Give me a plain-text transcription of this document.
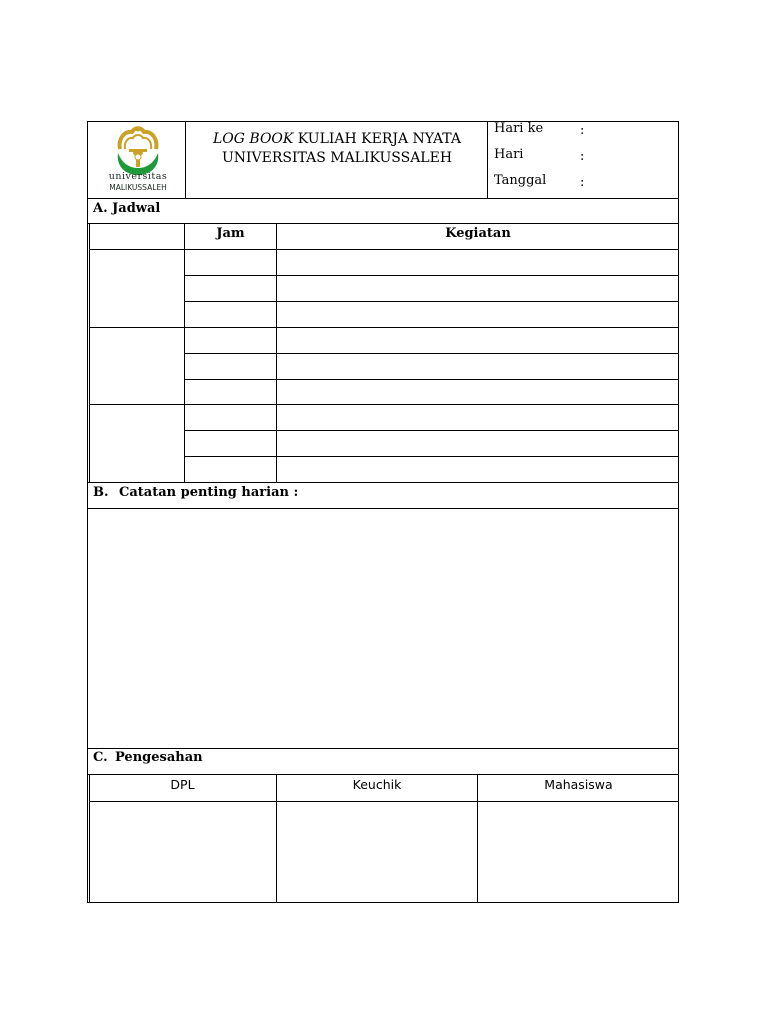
universitas
MALIKUSSALEH
LOG BOOK KULIAH KERJA NYATA
UNIVERSITAS MALIKUSSALEH
Hari ke	:
Hari	:
Tanggal	:
A. Jadwal
Jam	Kegiatan
B. Catatan penting harian :
C. Pengesahan
DPL	Keuchik	Mahasiswa
